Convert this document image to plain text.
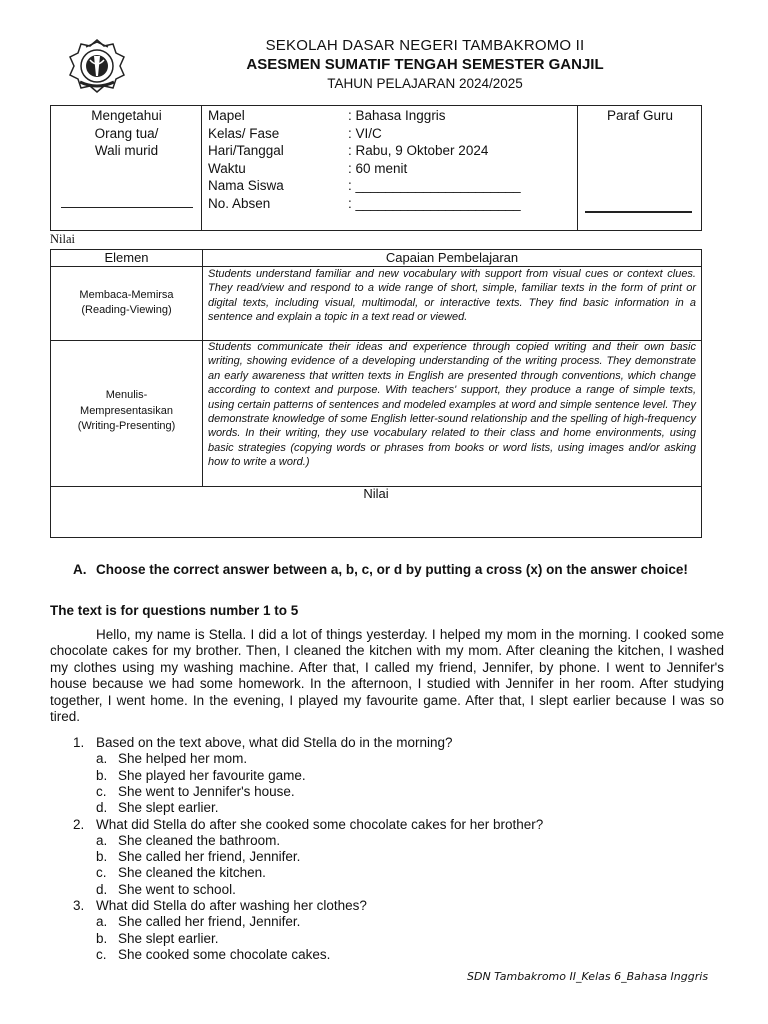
SEKOLAH DASAR NEGERI TAMBAKROMO II
ASESMEN SUMATIF TENGAH SEMESTER GANJIL
TAHUN PELAJARAN 2024/2025
Mengetahui
Orang tua/
Wali murid
Mapel	: Bahasa Inggris
Kelas/ Fase	: VI/C
Hari/Tanggal	: Rabu, 9 Oktober 2024
Waktu	: 60 menit
Nama Siswa	: ______________________
No. Absen	: ______________________
Paraf Guru
Nilai
Elemen	Capaian Pembelajaran
Membaca-Memirsa
(Reading-Viewing)
Students understand familiar and new vocabulary with support from visual cues or context clues. They read/view and respond to a wide range of short, simple, familiar texts in the form of print or digital texts, including visual, multimodal, or interactive texts. They find basic information in a sentence and explain a topic in a text read or viewed.
Menulis-
Mempresentasikan
(Writing-Presenting)
Students communicate their ideas and experience through copied writing and their own basic writing, showing evidence of a developing understanding of the writing process. They demonstrate an early awareness that written texts in English are presented through conventions, which change according to context and purpose. With teachers' support, they produce a range of simple texts, using certain patterns of sentences and modeled examples at word and simple sentence level. They demonstrate knowledge of some English letter-sound relationship and the spelling of high-frequency words. In their writing, they use vocabulary related to their class and home environments, using basic strategies (copying words or phrases from books or word lists, using images and/or asking how to write a word.)
Nilai
A. Choose the correct answer between a, b, c, or d by putting a cross (x) on the answer choice!
The text is for questions number 1 to 5
Hello, my name is Stella. I did a lot of things yesterday. I helped my mom in the morning. I cooked some chocolate cakes for my brother. Then, I cleaned the kitchen with my mom. After cleaning the kitchen, I washed my clothes using my washing machine. After that, I called my friend, Jennifer, by phone. I went to Jennifer's house because we had some homework. In the afternoon, I studied with Jennifer in her room. After studying together, I went home. In the evening, I played my favourite game. After that, I slept earlier because I was so tired.
1. Based on the text above, what did Stella do in the morning?
a. She helped her mom.
b. She played her favourite game.
c. She went to Jennifer's house.
d. She slept earlier.
2. What did Stella do after she cooked some chocolate cakes for her brother?
a. She cleaned the bathroom.
b. She called her friend, Jennifer.
c. She cleaned the kitchen.
d. She went to school.
3. What did Stella do after washing her clothes?
a. She called her friend, Jennifer.
b. She slept earlier.
c. She cooked some chocolate cakes.
SDN Tambakromo II_Kelas 6_Bahasa Inggris
